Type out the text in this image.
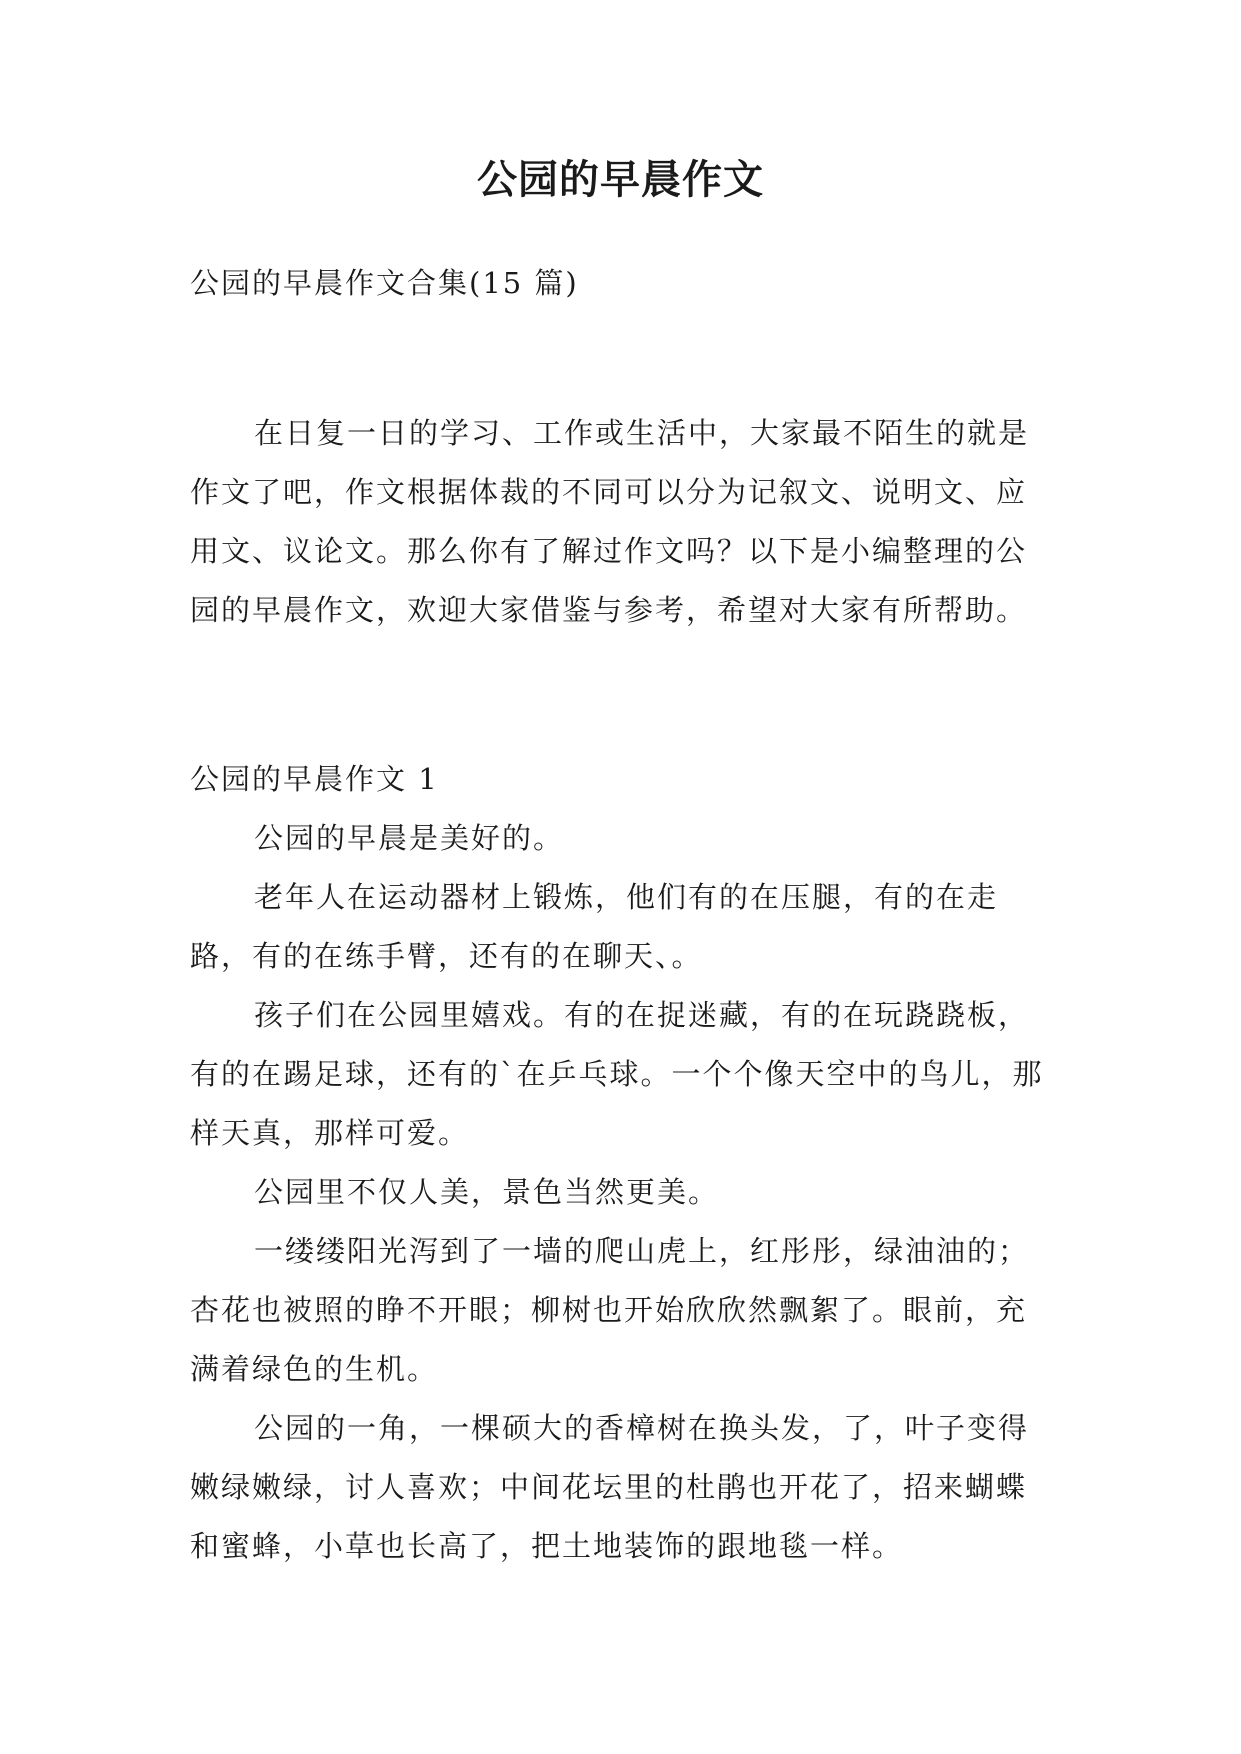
公园的早晨作文

公园的早晨作文合集(15 篇)

在日复一日的学习、工作或生活中，大家最不陌生的就是作文了吧，作文根据体裁的不同可以分为记叙文、说明文、应用文、议论文。那么你有了解过作文吗？以下是小编整理的公园的早晨作文，欢迎大家借鉴与参考，希望对大家有所帮助。

公园的早晨作文 1

公园的早晨是美好的。

老年人在运动器材上锻炼，他们有的在压腿，有的在走路，有的在练手臂，还有的在聊天、。

孩子们在公园里嬉戏。有的在捉迷藏，有的在玩跷跷板，有的在踢足球，还有的`在乒乓球。一个个像天空中的鸟儿，那样天真，那样可爱。

公园里不仅人美，景色当然更美。

一缕缕阳光泻到了一墙的爬山虎上，红彤彤，绿油油的；杏花也被照的睁不开眼；柳树也开始欣欣然飘絮了。眼前，充满着绿色的生机。

公园的一角，一棵硕大的香樟树在换头发，了，叶子变得嫩绿嫩绿，讨人喜欢；中间花坛里的杜鹃也开花了，招来蝴蝶和蜜蜂，小草也长高了，把土地装饰的跟地毯一样。
